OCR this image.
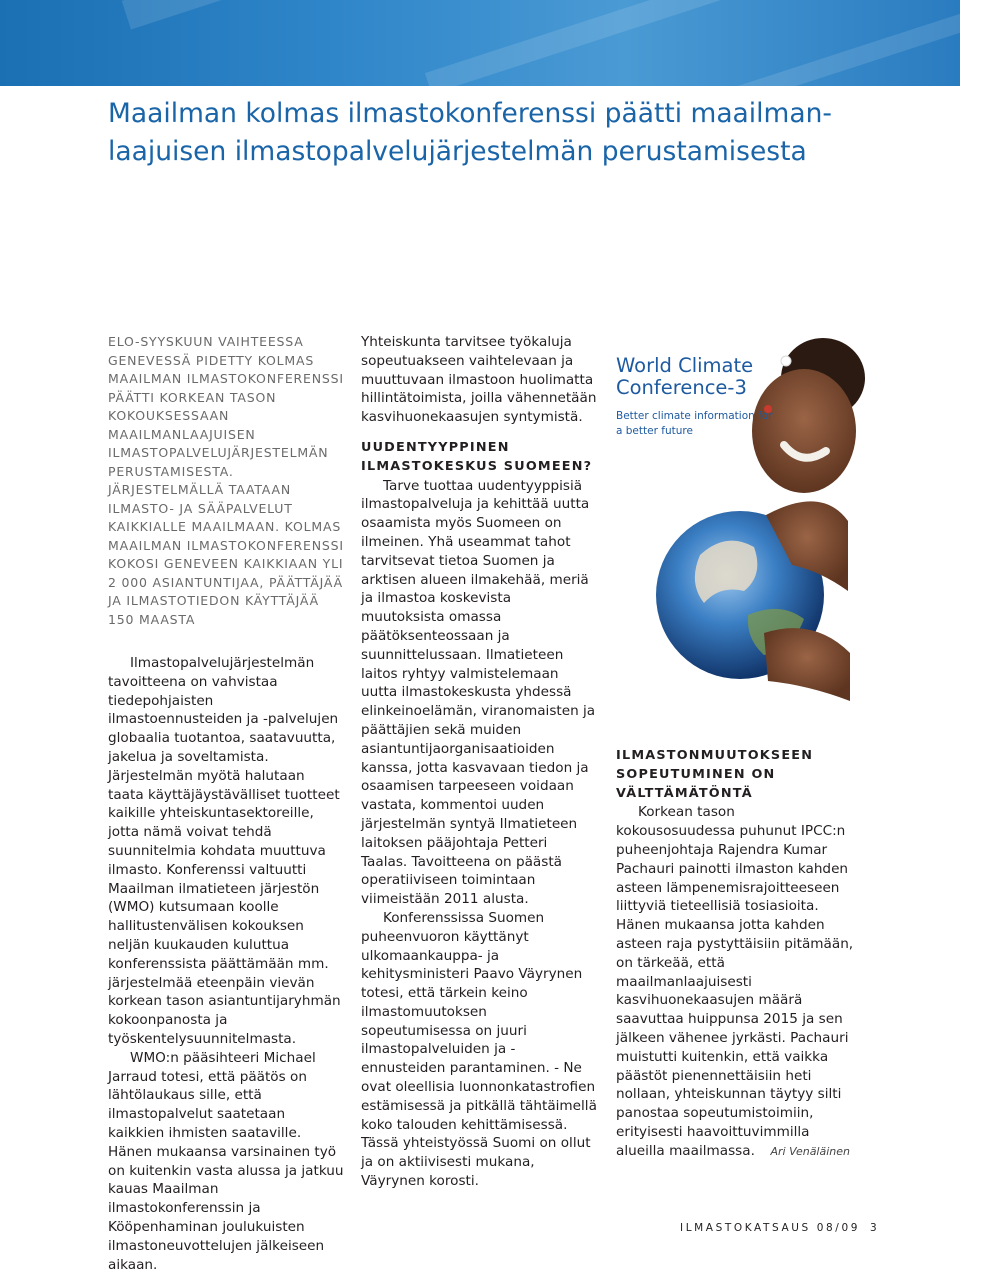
Maailman kolmas ilmastokonferenssi päätti maailman-laajuisen ilmastopalvelujärjestelmän perustamisesta
ELO-SYYSKUUN VAIHTEESSA GENEVESSÄ PIDETTY KOLMAS MAAILMAN ILMASTOKONFERENSSI PÄÄTTI KORKEAN TASON KOKOUKSESSAAN MAAILMANLAAJUISEN ILMASTOPALVELUJÄRJESTELMÄN PERUSTAMISESTA. JÄRJESTELMÄLLÄ TAATAAN ILMASTO- JA SÄÄPALVELUT KAIKKIALLE MAAILMAAN. KOLMAS MAAILMAN ILMASTOKONFERENSSI KOKOSI GENEVEEN KAIKKIAAN YLI 2 000 ASIANTUNTIJAA, PÄÄTTÄJÄÄ JA ILMASTOTIEDON KÄYTTÄJÄÄ 150 MAASTA

Ilmastopalvelujärjestelmän tavoitteena on vahvistaa tiedepohjaisten ilmastoennusteiden ja -palvelujen globaalia tuotantoa, saatavuutta, jakelua ja soveltamista. Järjestelmän myötä halutaan taata käyttäjäystävälliset tuotteet kaikille yhteiskuntasektoreille, jotta nämä voivat tehdä suunnitelmia kohdata muuttuva ilmasto. Konferenssi valtuutti Maailman ilmatieteen järjestön (WMO) kutsumaan koolle hallitustenvälisen kokouksen neljän kuukauden kuluttua konferenssista päättämään mm. järjestelmää eteenpäin vievän korkean tason asiantuntijaryhmän kokoonpanosta ja työskentelysuunnitelmasta.

WMO:n pääsihteeri Michael Jarraud totesi, että päätös on lähtölaukaus sille, että ilmastopalvelut saatetaan kaikkien ihmisten saataville. Hänen mukaansa varsinainen työ on kuitenkin vasta alussa ja jatkuu kauas Maailman ilmastokonferenssin ja Kööpenhaminan joulukuisten ilmastoneuvottelujen jälkeiseen aikaan.

Yhteiskunta tarvitsee työkaluja sopeutuakseen vaihtelevaan ja muuttuvaan ilmastoon huolimatta hillintätoimista, joilla vähennetään kasvihuonekaasujen syntymistä.

UUDENTYYPPINEN ILMASTOKESKUS SUOMEEN?

Tarve tuottaa uudentyyppisiä ilmastopalveluja ja kehittää uutta osaamista myös Suomeen on ilmeinen. Yhä useammat tahot tarvitsevat tietoa Suomen ja arktisen alueen ilmakehää, meriä ja ilmastoa koskevista muutoksista omassa päätöksenteossaan ja suunnittelussaan. Ilmatieteen laitos ryhtyy valmistelemaan uutta ilmastokeskusta yhdessä elinkeinoelämän, viranomaisten ja päättäjien sekä muiden asiantuntijaorganisaatioiden kanssa, jotta kasvavaan tiedon ja osaamisen tarpeeseen voidaan vastata, kommentoi uuden järjestelmän syntyä Ilmatieteen laitoksen pääjohtaja Petteri Taalas. Tavoitteena on päästä operatiiviseen toimintaan viimeistään 2011 alusta.

Konferenssissa Suomen puheenvuoron käyttänyt ulkomaankauppa- ja kehitysministeri Paavo Väyrynen totesi, että tärkein keino ilmastomuutoksen sopeutumisessa on juuri ilmastopalveluiden ja -ennusteiden parantaminen. - Ne ovat oleellisia luonnonkatastrofien estämisessä ja pitkällä tähtäimellä koko talouden kehittämisessä. Tässä yhteistyössä Suomi on ollut ja on aktiivisesti mukana, Väyrynen korosti.

World Climate
Conference-3
Better climate information for
a better future
ILMASTONMUUTOKSEEN SOPEUTUMINEN ON VÄLTTÄMÄTÖNTÄ

Korkean tason kokousosuudessa puhunut IPCC:n puheenjohtaja Rajendra Kumar Pachauri painotti ilmaston kahden asteen lämpenemisrajoitteeseen liittyviä tieteellisiä tosiasioita. Hänen mukaansa jotta kahden asteen raja pystyttäisiin pitämään, on tärkeää, että maailmanlaajuisesti kasvihuonekaasujen määrä saavuttaa huippunsa 2015 ja sen jälkeen vähenee jyrkästi. Pachauri muistutti kuitenkin, että vaikka päästöt pienennettäisiin heti nollaan, yhteiskunnan täytyy silti panostaa sopeutumistoimiin, erityisesti haavoittuvimmilla alueilla maailmassa.	Ari Venäläinen
ILMASTOKATSAUS 08/09 3
